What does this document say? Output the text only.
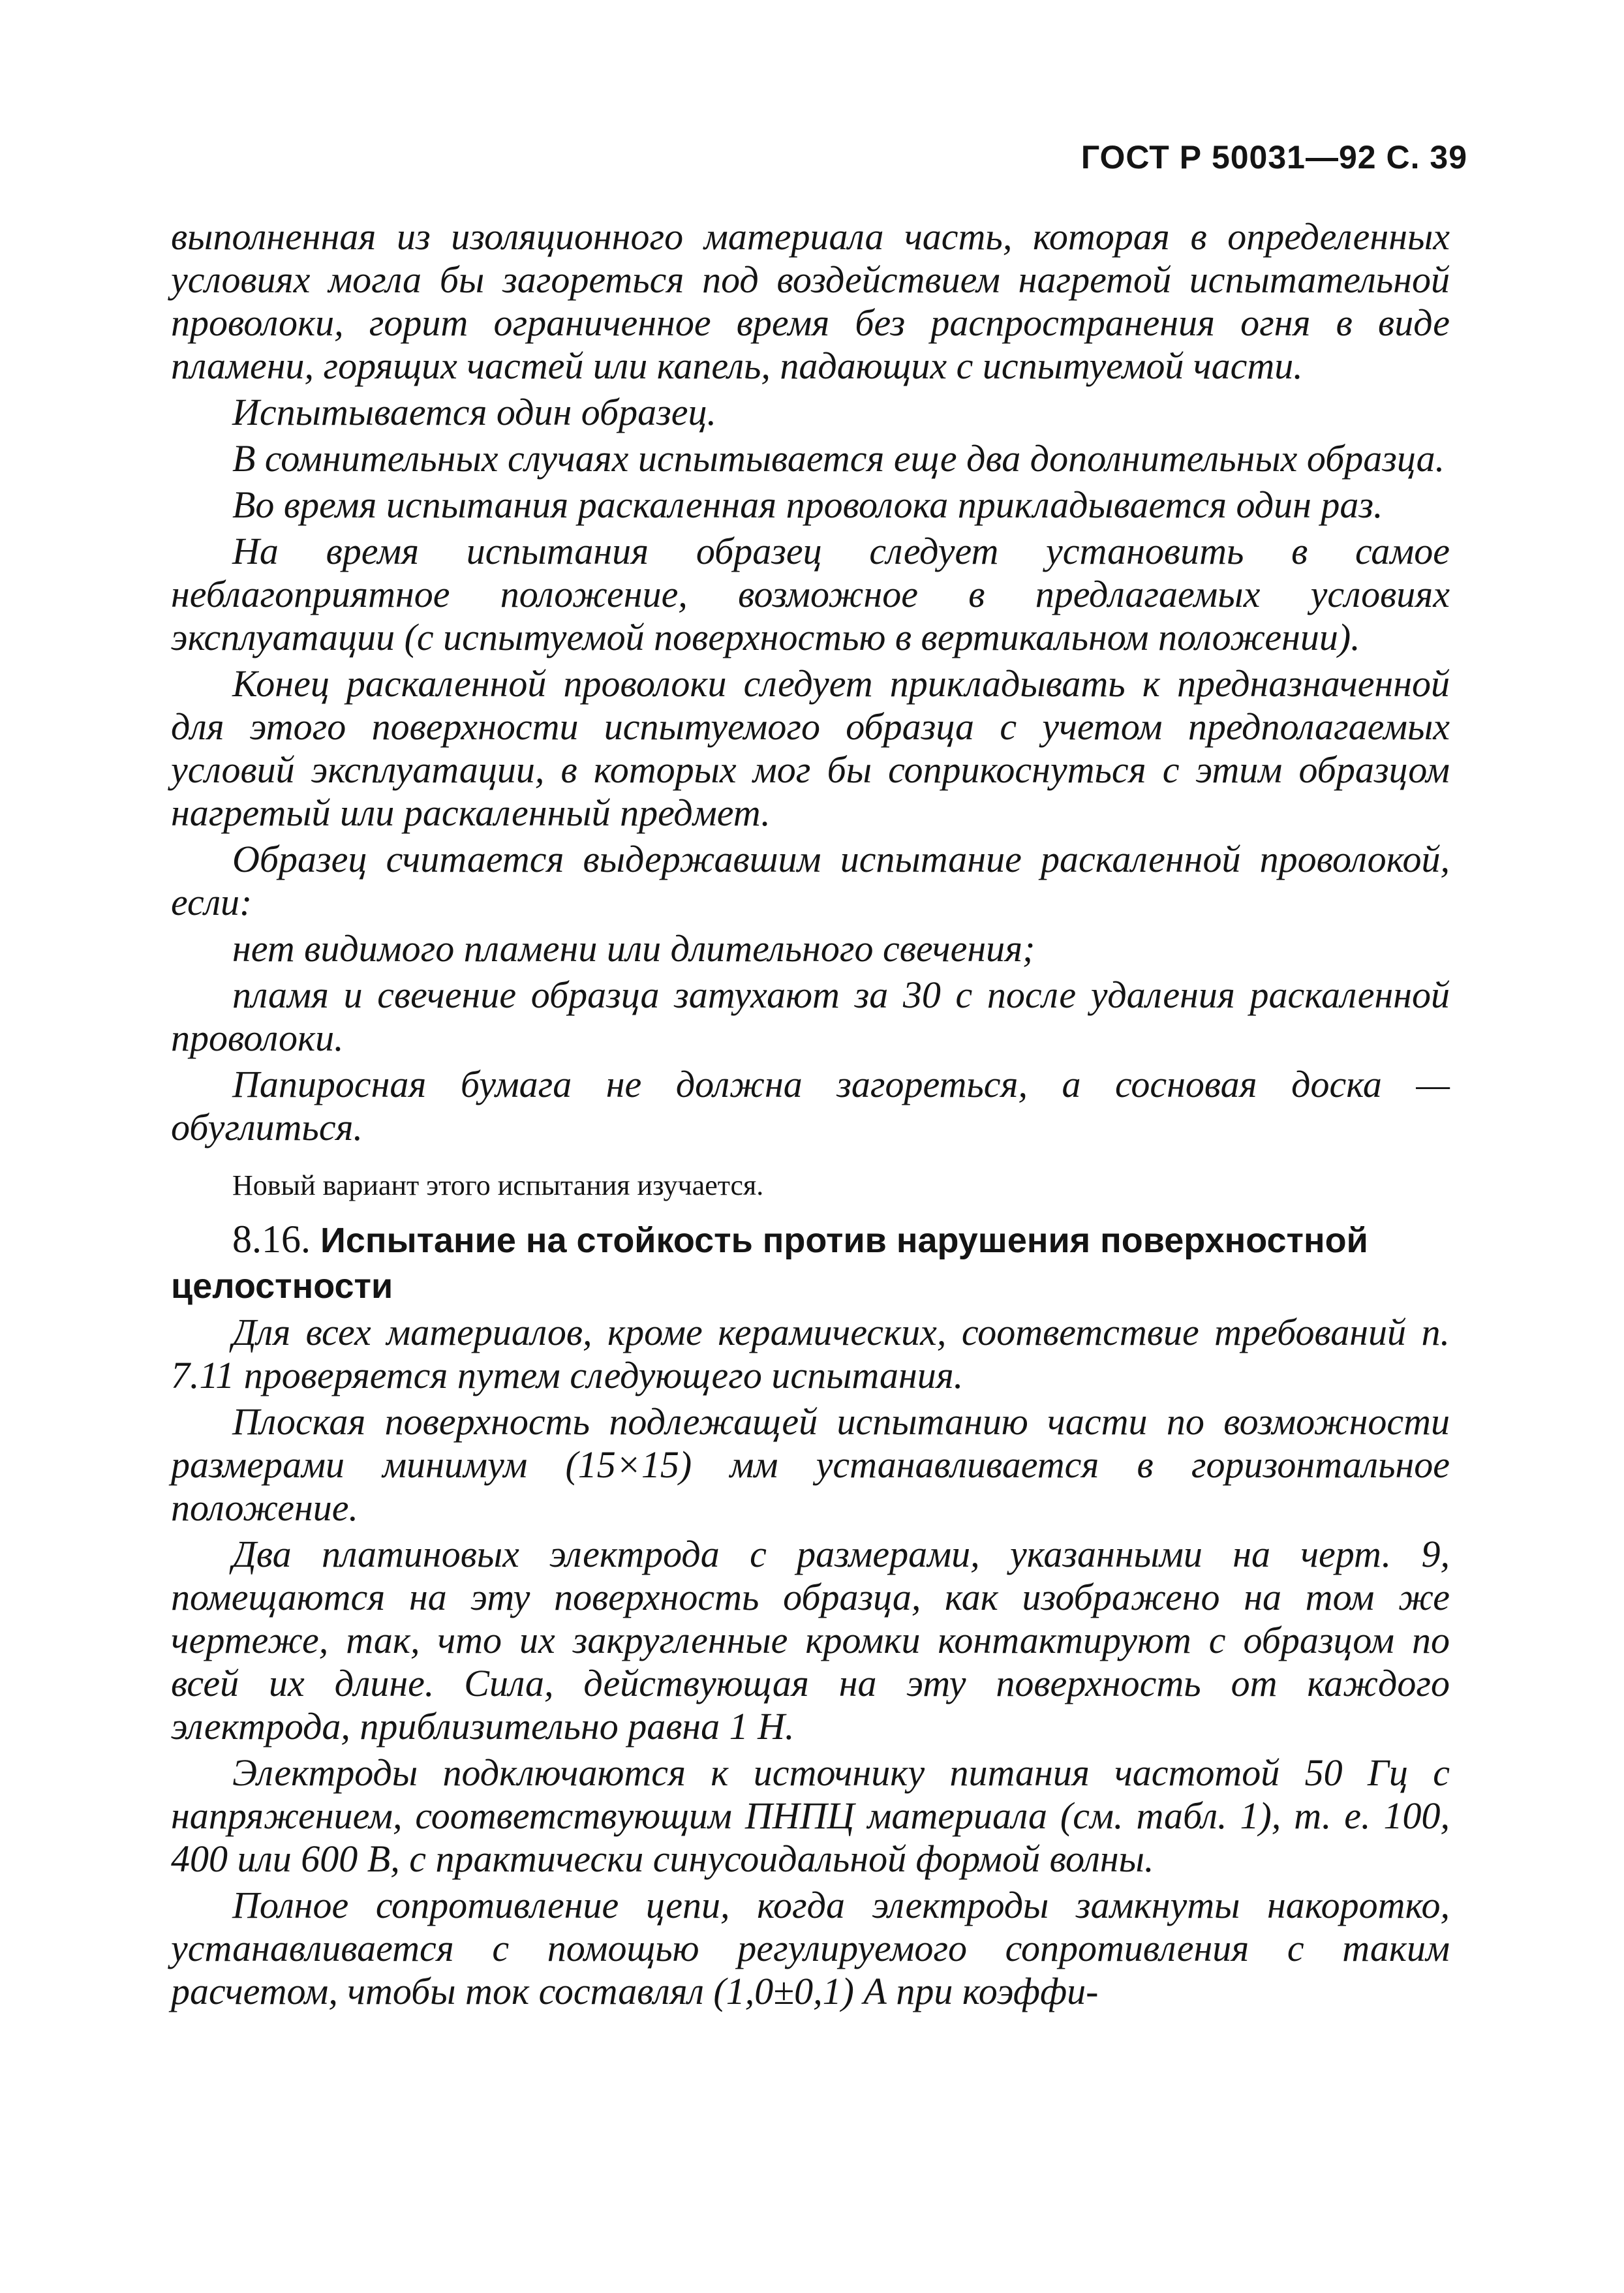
ГОСТ Р 50031—92 С. 39

выполненная из изоляционного материала часть, которая в определенных условиях могла бы загореться под воздействием нагретой испытательной проволоки, горит ограниченное время без распространения огня в виде пламени, горящих частей или капель, падающих с испытуемой части.

Испытывается один образец.

В сомнительных случаях испытывается еще два дополнительных образца.

Во время испытания раскаленная проволока прикладывается один раз.

На время испытания образец следует установить в самое неблагоприятное положение, возможное в предлагаемых условиях эксплуатации (с испытуемой поверхностью в вертикальном положении).

Конец раскаленной проволоки следует прикладывать к предназначенной для этого поверхности испытуемого образца с учетом предполагаемых условий эксплуатации, в которых мог бы соприкоснуться с этим образцом нагретый или раскаленный предмет.

Образец считается выдержавшим испытание раскаленной проволокой, если:

нет видимого пламени или длительного свечения;

пламя и свечение образца затухают за 30 с после удаления раскаленной проволоки.

Папиросная бумага не должна загореться, а сосновая доска — обуглиться.

Новый вариант этого испытания изучается.

8.16. Испытание на стойкость против нарушения поверхностной целостности

Для всех материалов, кроме керамических, соответствие требований п. 7.11 проверяется путем следующего испытания.

Плоская поверхность подлежащей испытанию части по возможности размерами минимум (15×15) мм устанавливается в горизонтальное положение.

Два платиновых электрода с размерами, указанными на черт. 9, помещаются на эту поверхность образца, как изображено на том же чертеже, так, что их закругленные кромки контактируют с образцом по всей их длине. Сила, действующая на эту поверхность от каждого электрода, приблизительно равна 1 Н.

Электроды подключаются к источнику питания частотой 50 Гц с напряжением, соответствующим ПНПЦ материала (см. табл. 1), т. е. 100, 400 или 600 В, с практически синусоидальной формой волны.

Полное сопротивление цепи, когда электроды замкнуты накоротко, устанавливается с помощью регулируемого сопротивления с таким расчетом, чтобы ток составлял (1,0±0,1) А при коэффи-
